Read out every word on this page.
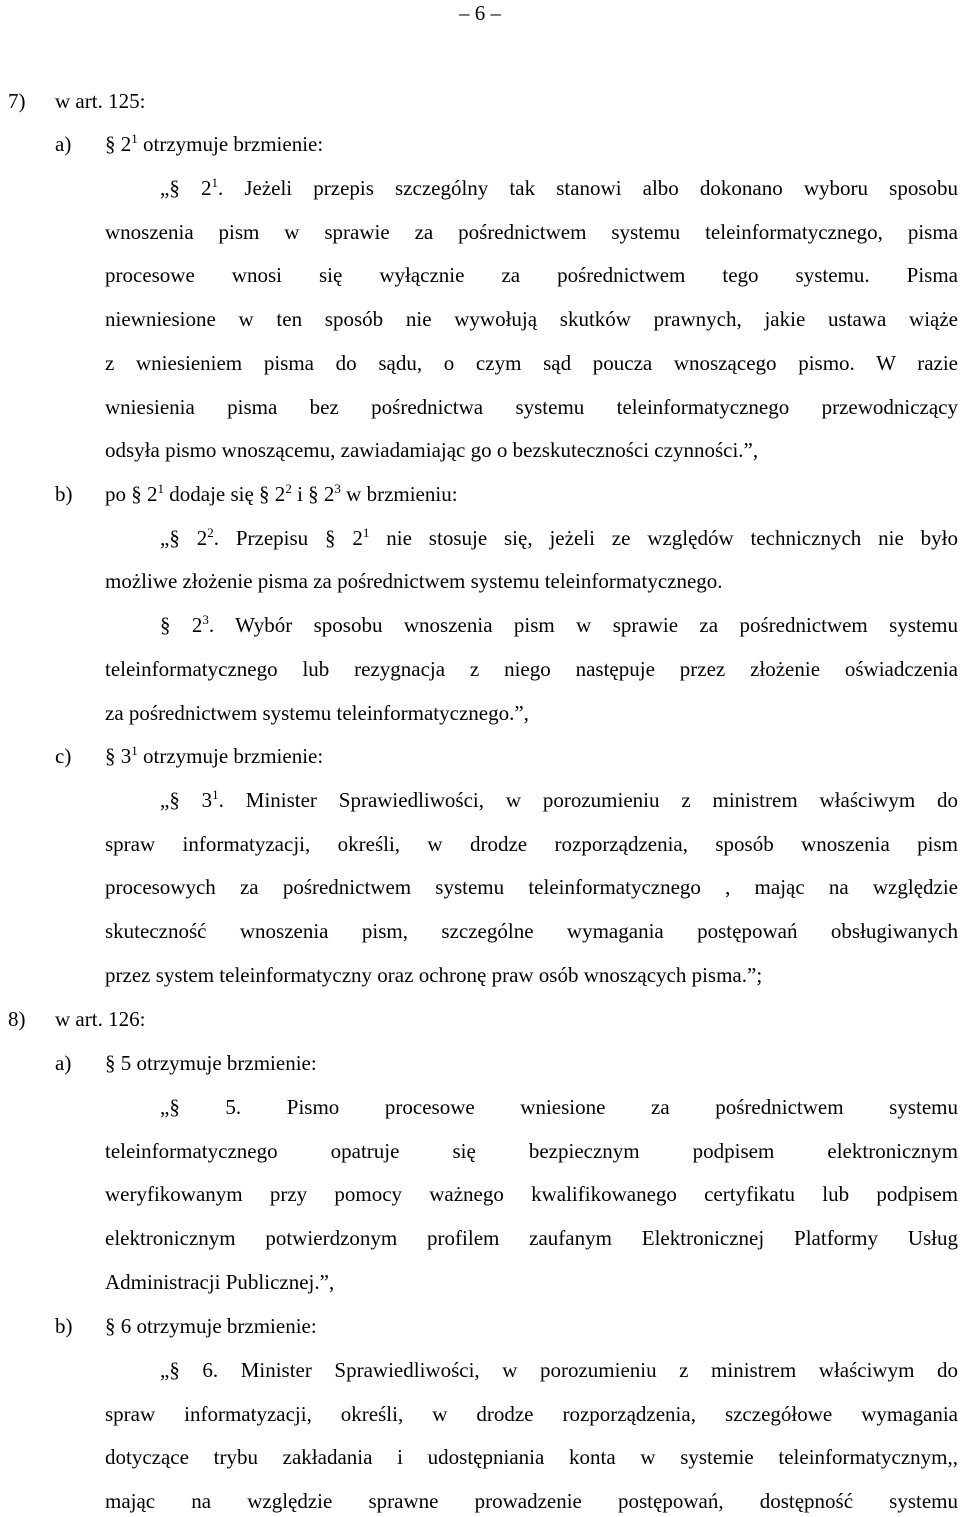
– 6 –
7) w art. 125:
a) § $2^1$ otrzymuje brzmienie:
„§ $2^1$. Jeżeli przepis szczególny tak stanowi albo dokonano wyboru sposobu
wnoszenia pism w sprawie za pośrednictwem systemu teleinformatycznego, pisma
procesowe wnosi się wyłącznie za pośrednictwem tego systemu. Pisma
niewniesione w ten sposób nie wywołują skutków prawnych, jakie ustawa wiąże
z wniesieniem pisma do sądu, o czym sąd poucza wnoszącego pismo. W razie
wniesienia pisma bez pośrednictwa systemu teleinformatycznego przewodniczący
odsyła pismo wnoszącemu, zawiadamiając go o bezskuteczności czynności.”,
b) po § $2^1$ dodaje się § $2^2$ i § $2^3$ w brzmieniu:
„§ $2^2$. Przepisu § $2^1$ nie stosuje się, jeżeli ze względów technicznych nie było
możliwe złożenie pisma za pośrednictwem systemu teleinformatycznego.
§ $2^3$. Wybór sposobu wnoszenia pism w sprawie za pośrednictwem systemu
teleinformatycznego lub rezygnacja z niego następuje przez złożenie oświadczenia
za pośrednictwem systemu teleinformatycznego.”,
c) § $3^1$ otrzymuje brzmienie:
„§ $3^1$. Minister Sprawiedliwości, w porozumieniu z ministrem właściwym do
spraw informatyzacji, określi, w drodze rozporządzenia, sposób wnoszenia pism
procesowych za pośrednictwem systemu teleinformatycznego , mając na względzie
skuteczność wnoszenia pism, szczególne wymagania postępowań obsługiwanych
przez system teleinformatyczny oraz ochronę praw osób wnoszących pisma.”;
8) w art. 126:
a) § 5 otrzymuje brzmienie:
„§ 5. Pismo procesowe wniesione za pośrednictwem systemu
teleinformatycznego opatruje się bezpiecznym podpisem elektronicznym
weryfikowanym przy pomocy ważnego kwalifikowanego certyfikatu lub podpisem
elektronicznym potwierdzonym profilem zaufanym Elektronicznej Platformy Usług
Administracji Publicznej.”,
b) § 6 otrzymuje brzmienie:
„§ 6. Minister Sprawiedliwości, w porozumieniu z ministrem właściwym do
spraw informatyzacji, określi, w drodze rozporządzenia, szczegółowe wymagania
dotyczące trybu zakładania i udostępniania konta w systemie teleinformatycznym,,
mając na względzie sprawne prowadzenie postępowań, dostępność systemu
